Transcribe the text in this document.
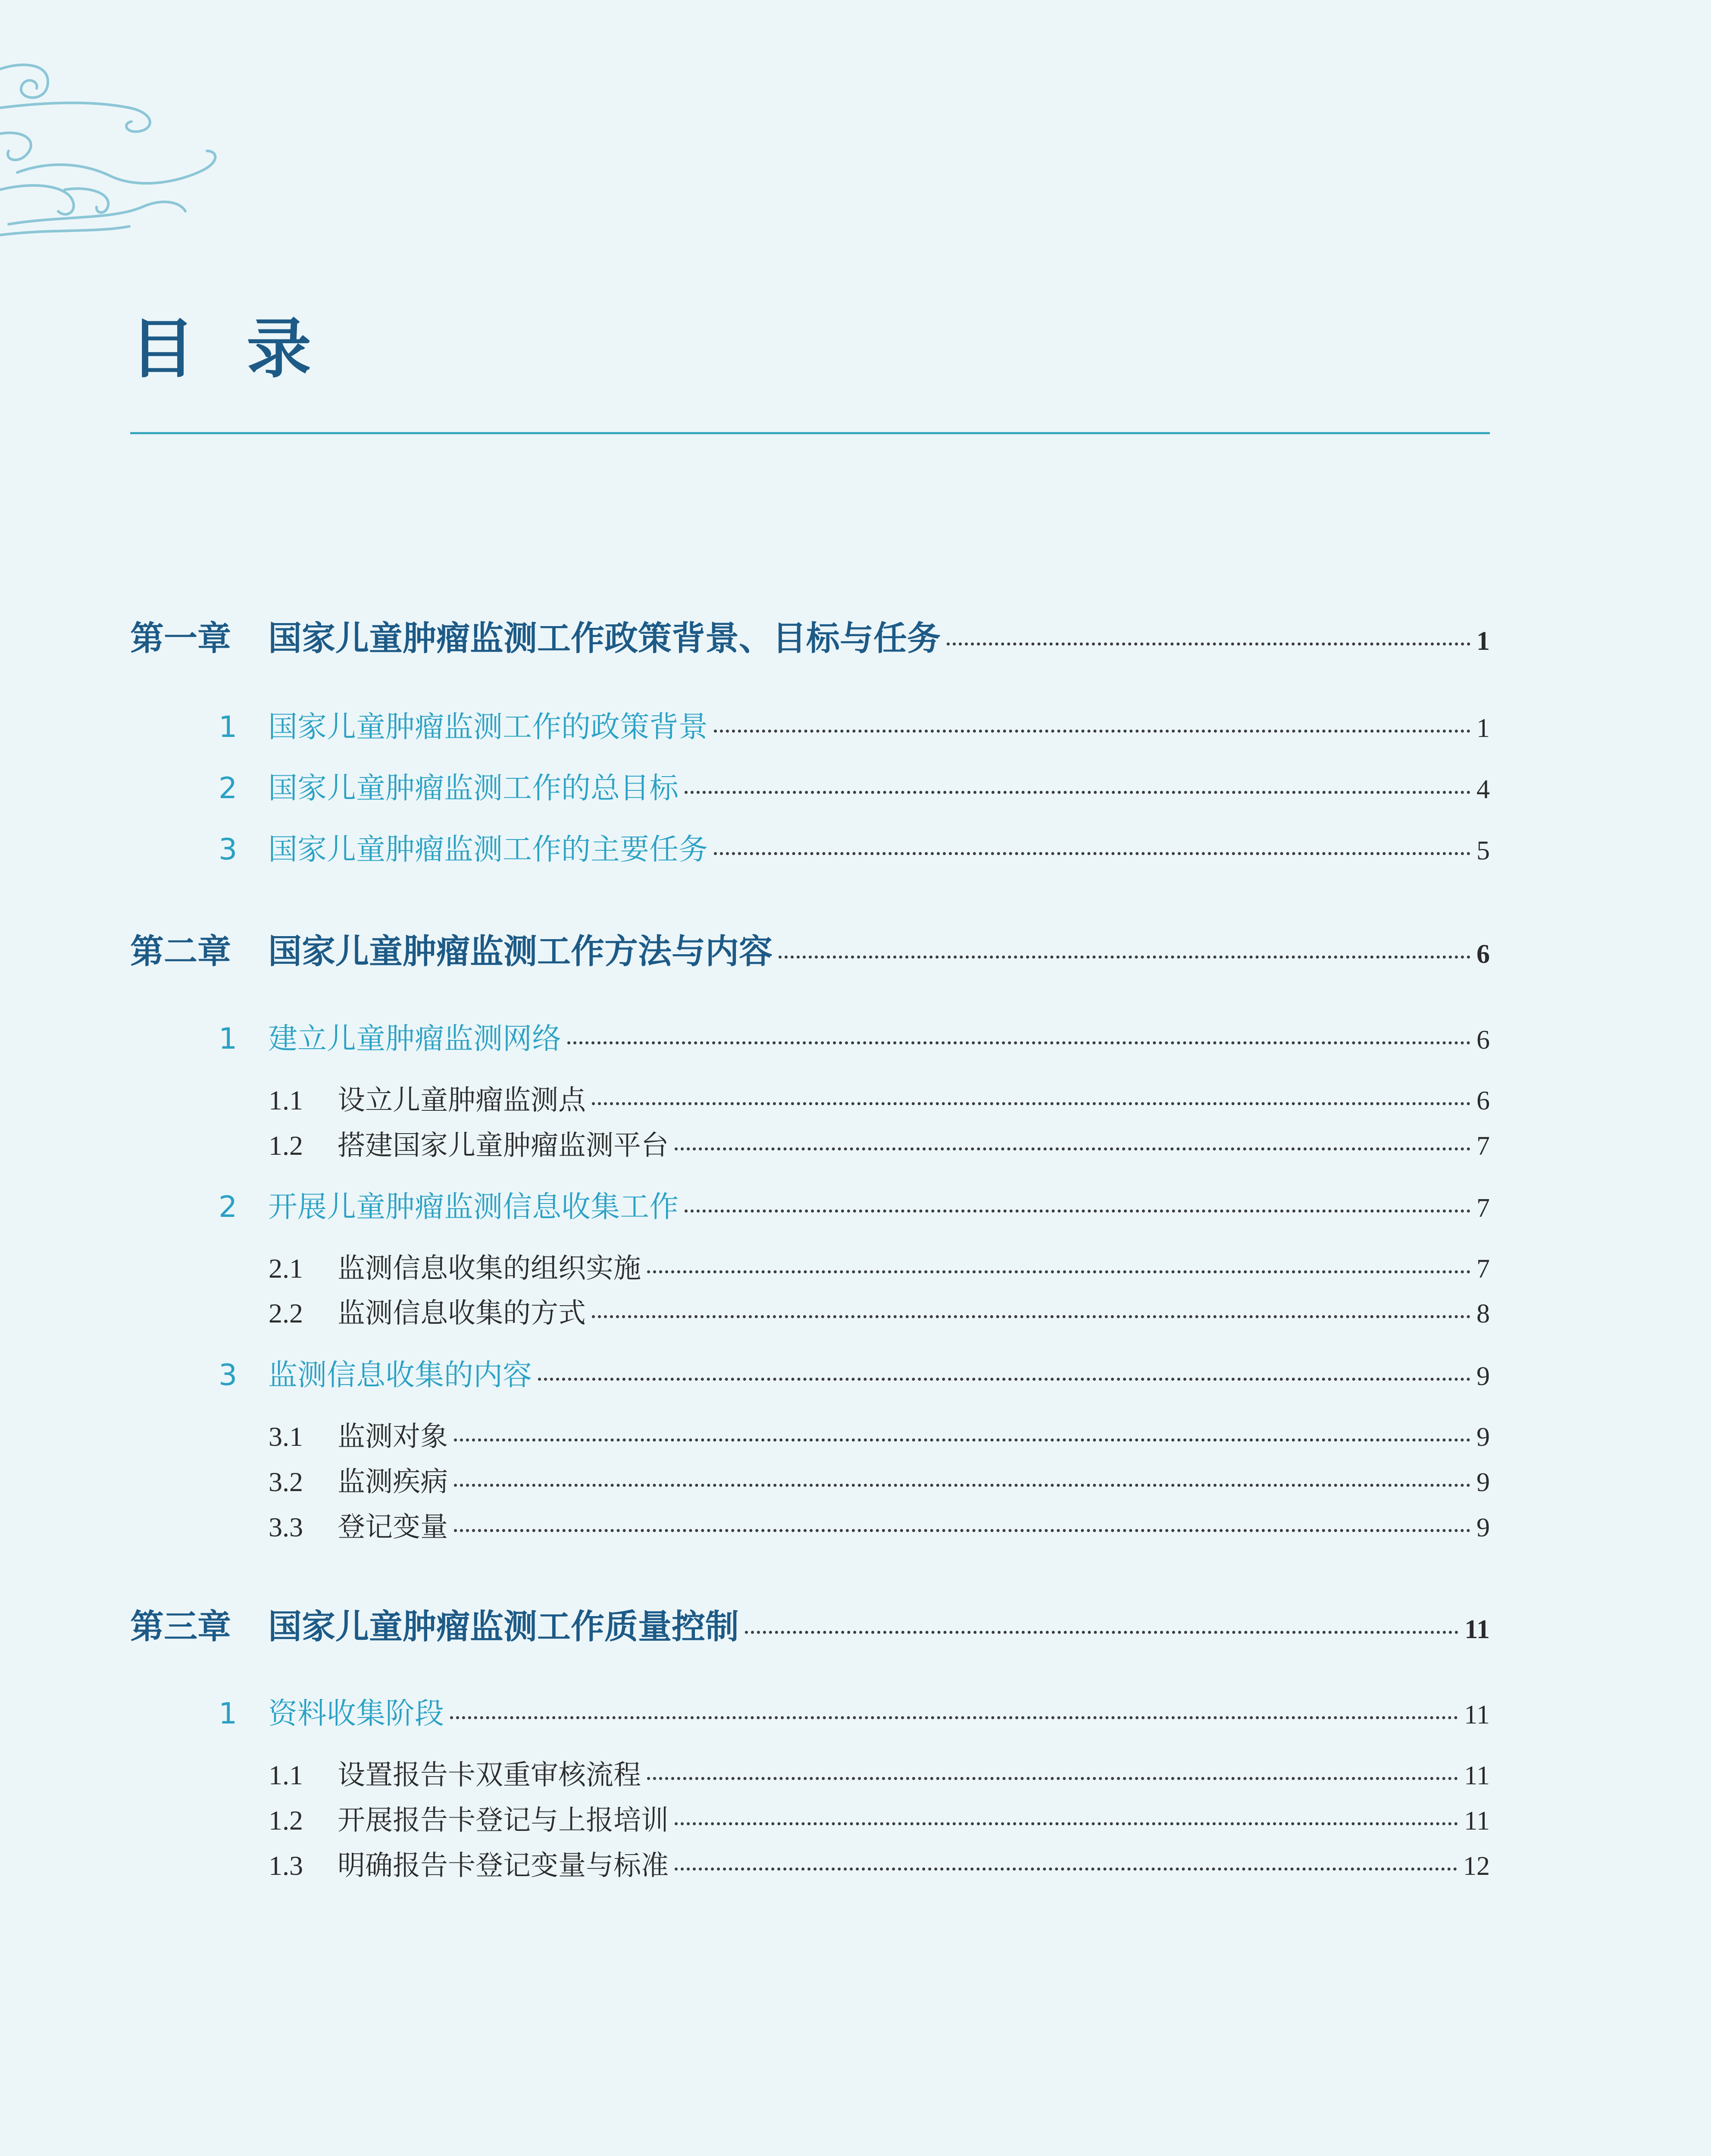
目录
第一章	国家儿童肿瘤监测工作政策背景、目标与任务	1
1	国家儿童肿瘤监测工作的政策背景	1
2	国家儿童肿瘤监测工作的总目标	4
3	国家儿童肿瘤监测工作的主要任务	5
第二章	国家儿童肿瘤监测工作方法与内容	6
1	建立儿童肿瘤监测网络	6
1.1	设立儿童肿瘤监测点	6
1.2	搭建国家儿童肿瘤监测平台	7
2	开展儿童肿瘤监测信息收集工作	7
2.1	监测信息收集的组织实施	7
2.2	监测信息收集的方式	8
3	监测信息收集的内容	9
3.1	监测对象	9
3.2	监测疾病	9
3.3	登记变量	9
第三章	国家儿童肿瘤监测工作质量控制	11
1	资料收集阶段	11
1.1	设置报告卡双重审核流程	11
1.2	开展报告卡登记与上报培训	11
1.3	明确报告卡登记变量与标准	12
